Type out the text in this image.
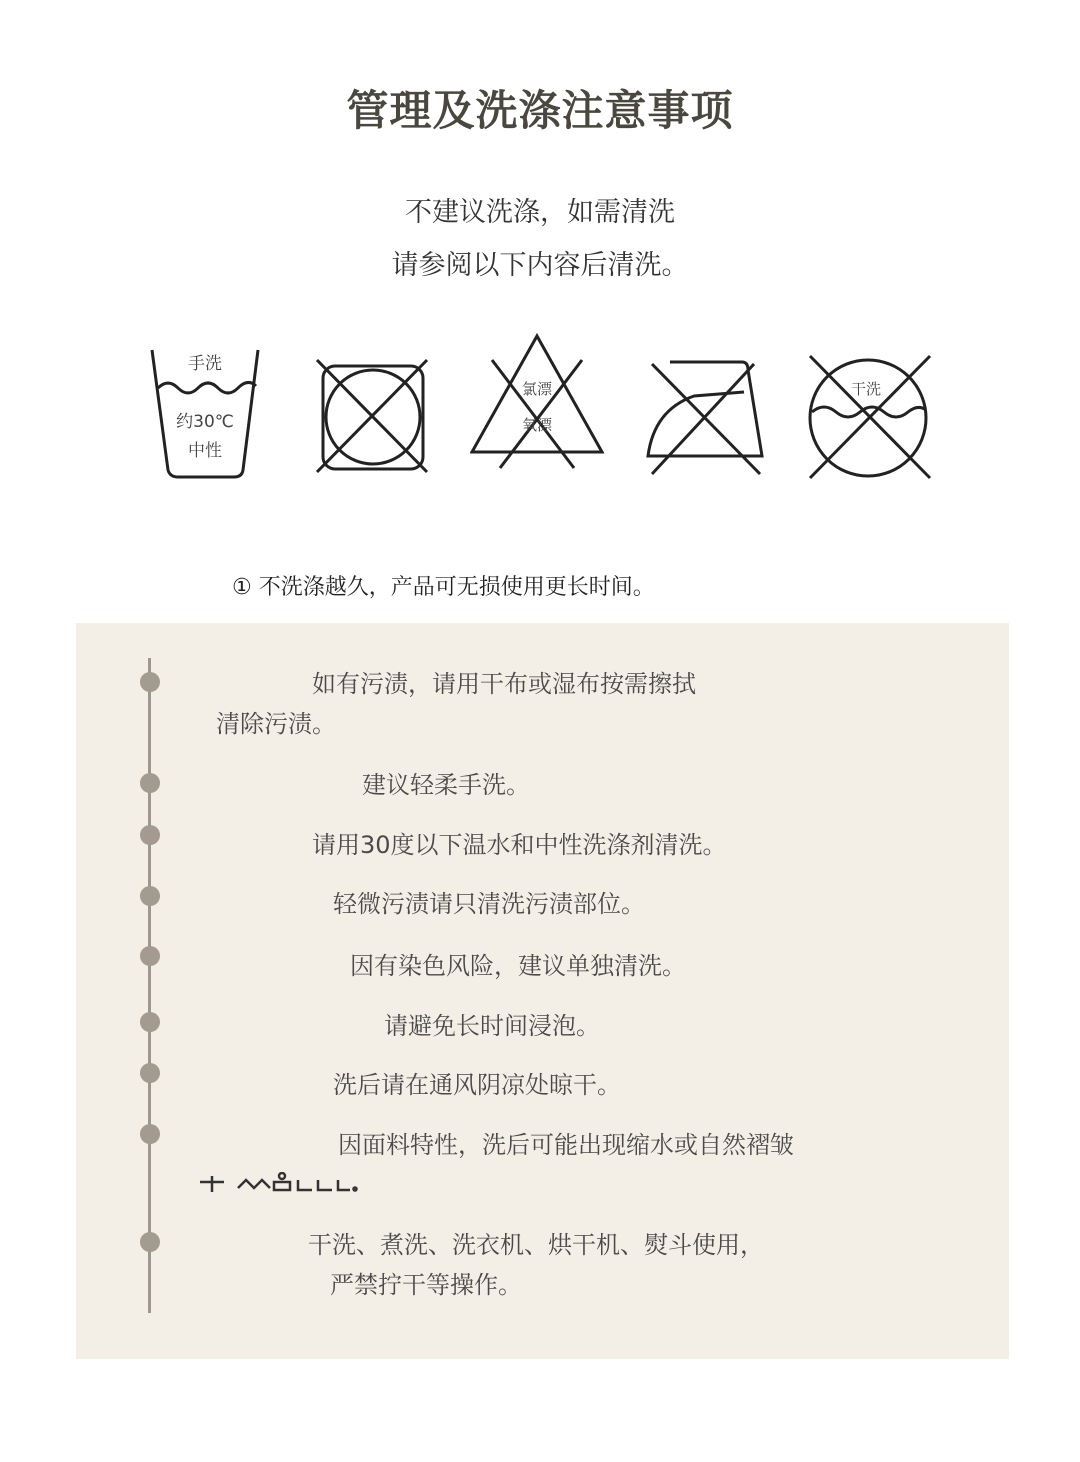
管理及洗涤注意事项
不建议洗涤，如需清洗
请参阅以下内容后清洗。
手洗
约30℃
中性
氯漂
氧漂
干洗
① 不洗涤越久，产品可无损使用更长时间。
如有污渍，请用干布或湿布按需擦拭
清除污渍。
建议轻柔手洗。
请用30度以下温水和中性洗涤剂清洗。
轻微污渍请只清洗污渍部位。
因有染色风险，建议单独清洗。
请避免长时间浸泡。
洗后请在通风阴凉处晾干。
因面料特性，洗后可能出现缩水或自然褶皱
干洗、煮洗、洗衣机、烘干机、熨斗使用，
严禁拧干等操作。
